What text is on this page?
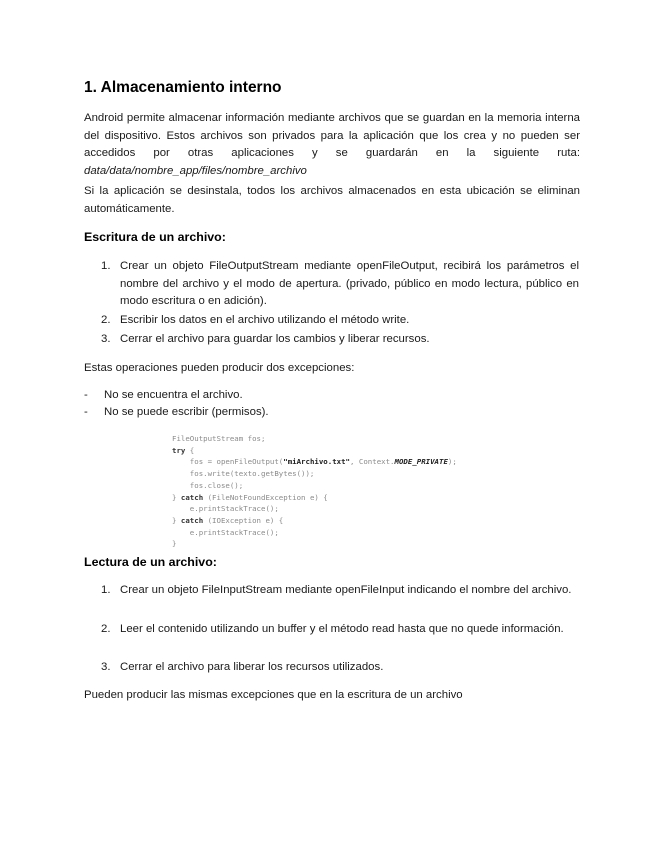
1. Almacenamiento interno

Android permite almacenar información mediante archivos que se guardan en la memoria interna del dispositivo. Estos archivos son privados para la aplicación que los crea y no pueden ser accedidos por otras aplicaciones y se guardarán en la siguiente ruta: data/data/nombre_app/files/nombre_archivo

Si la aplicación se desinstala, todos los archivos almacenados en esta ubicación se eliminan automáticamente.

Escritura de un archivo:
1. Crear un objeto FileOutputStream mediante openFileOutput, recibirá los parámetros el nombre del archivo y el modo de apertura. (privado, público en modo lectura, público en modo escritura o en adición).
2. Escribir los datos en el archivo utilizando el método write.
3. Cerrar el archivo para guardar los cambios y liberar recursos.

Estas operaciones pueden producir dos excepciones:

- No se encuentra el archivo.
- No se puede escribir (permisos).
FileOutputStream fos;
try {
fos = openFileOutput("miArchivo.txt", Context.MODE_PRIVATE);
fos.write(texto.getBytes());
fos.close();
} catch (FileNotFoundException e) {
e.printStackTrace();
} catch (IOException e) {
e.printStackTrace();
}
Lectura de un archivo:
1. Crear un objeto FileInputStream mediante openFileInput indicando el nombre del archivo.
2. Leer el contenido utilizando un buffer y el método read hasta que no quede información.
3. Cerrar el archivo para liberar los recursos utilizados.

Pueden producir las mismas excepciones que en la escritura de un archivo
